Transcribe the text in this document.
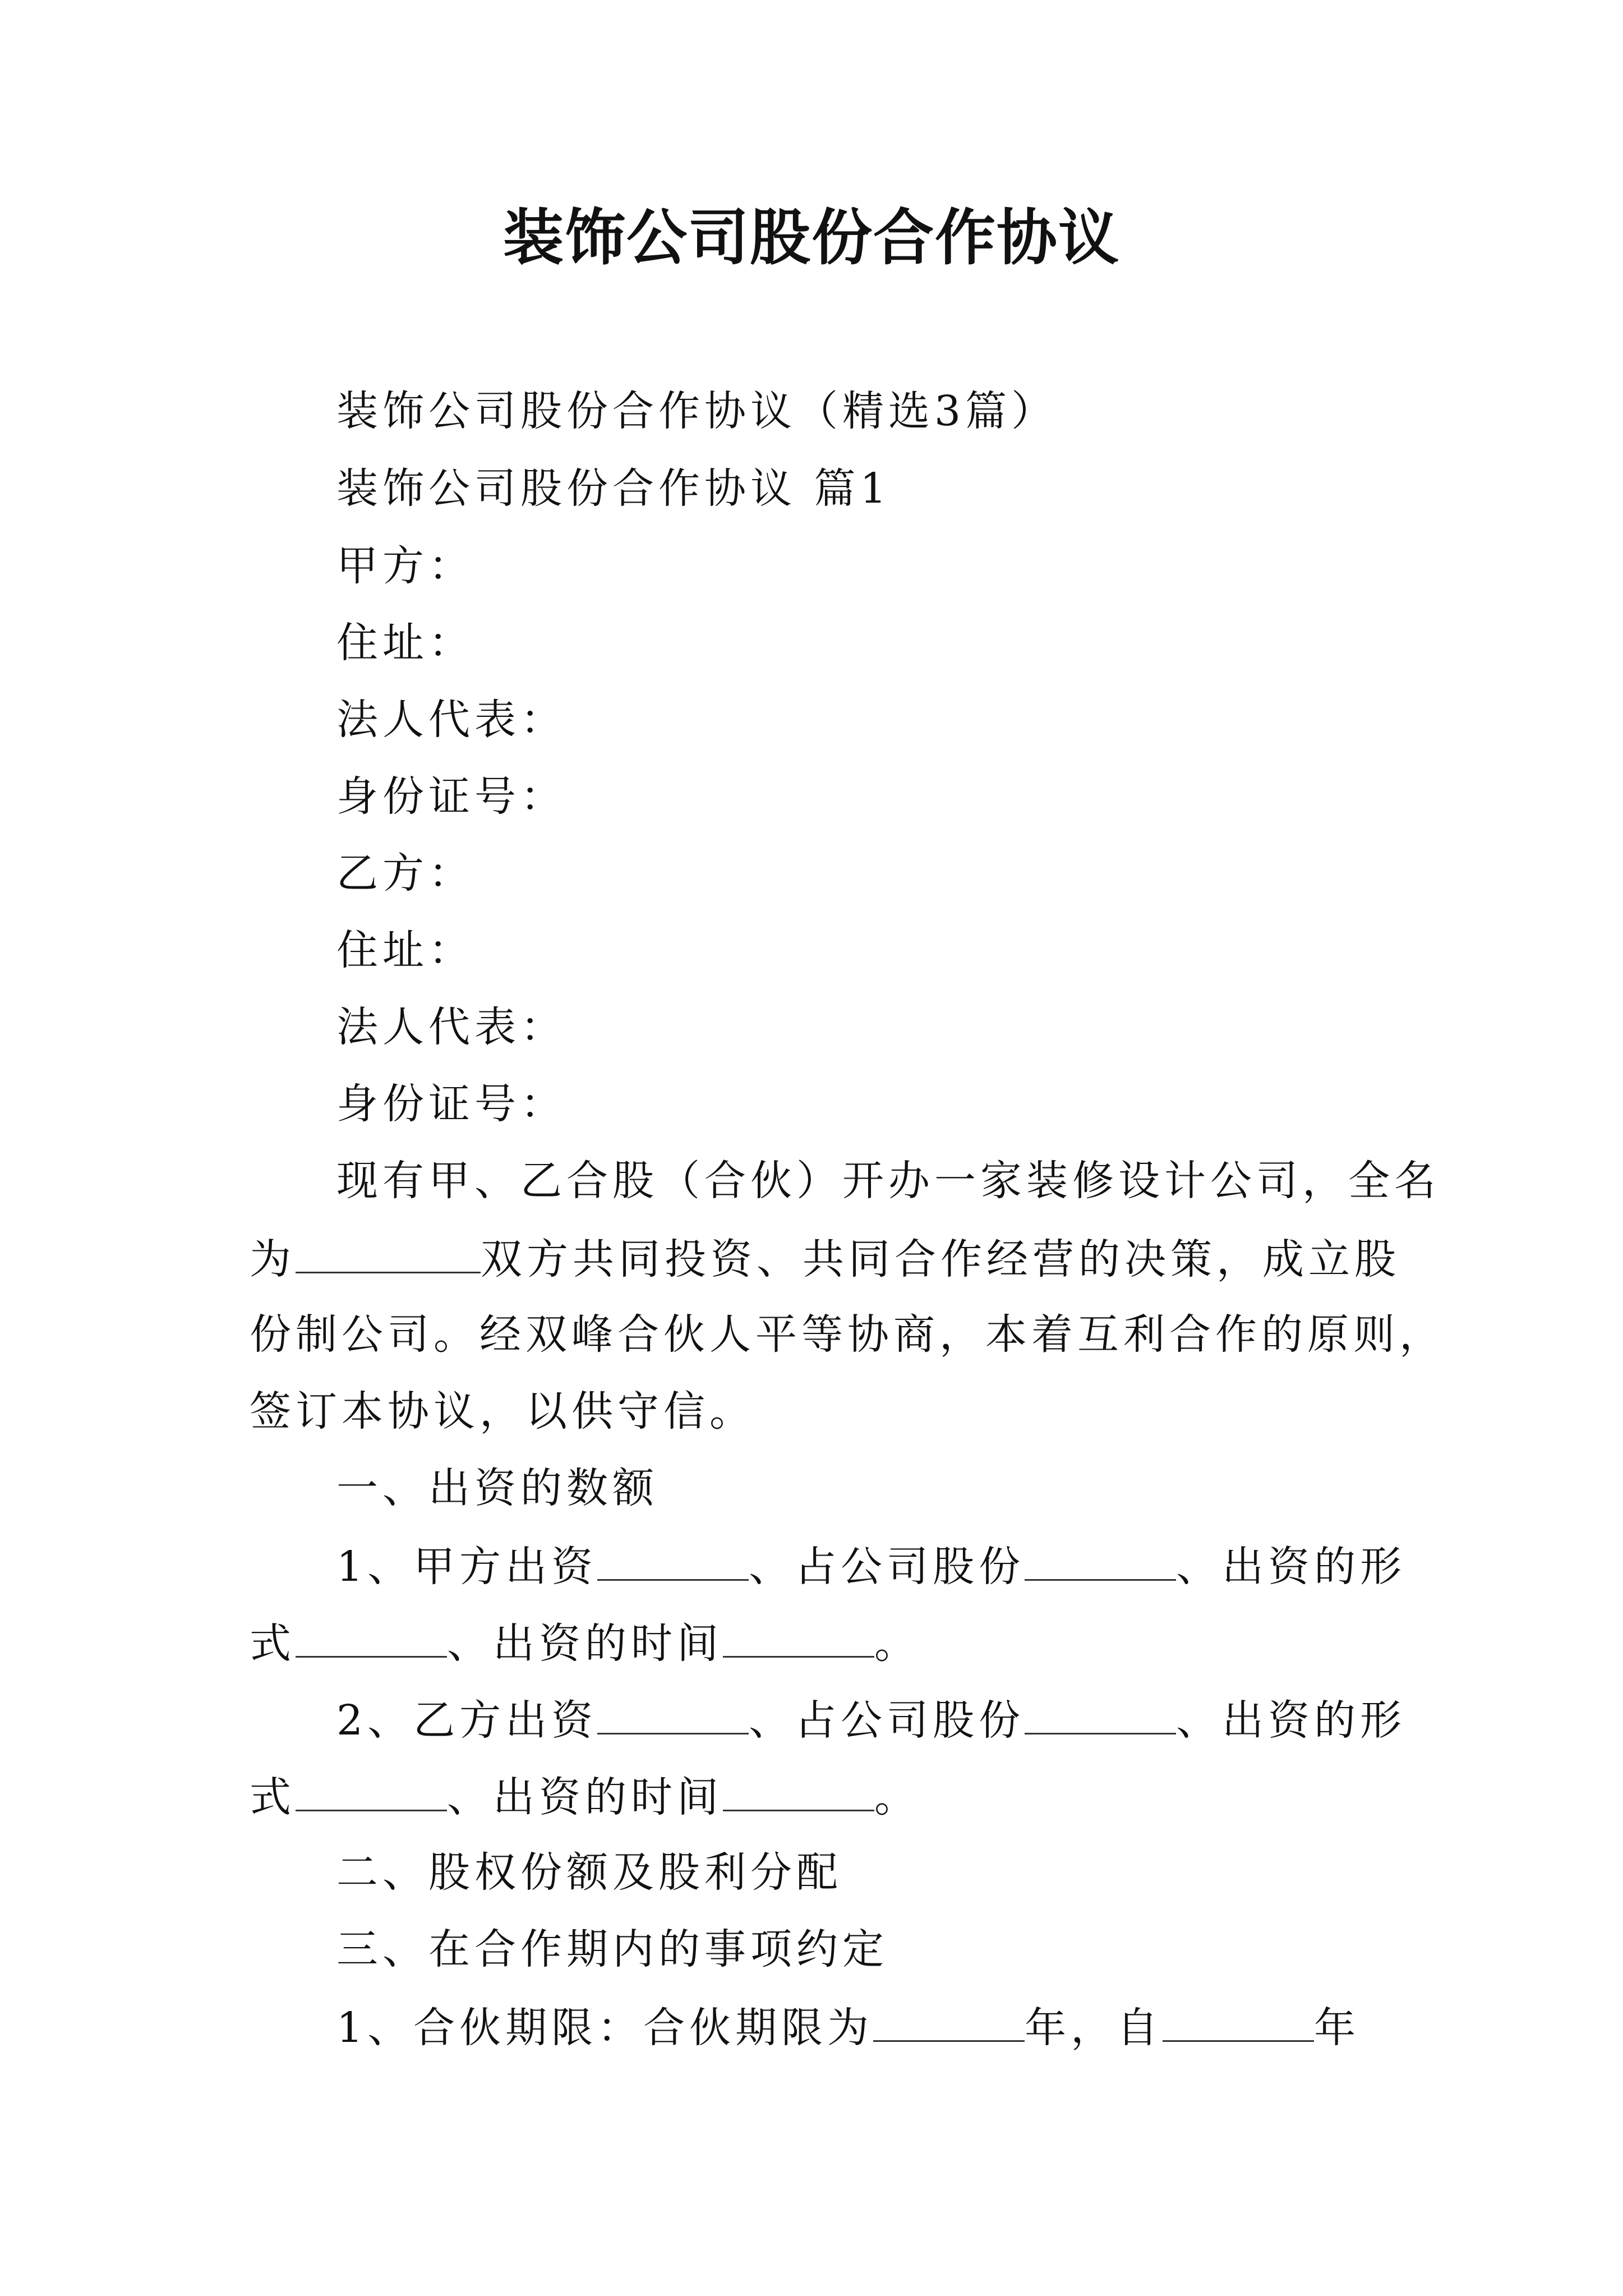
装饰公司股份合作协议

装饰公司股份合作协议（精选3篇）

装饰公司股份合作协议 篇1

甲方：

住址：

法人代表：

身份证号：

乙方：

住址：

法人代表：

身份证号：

现有甲、乙合股（合伙）开办一家装修设计公司，全名

为	双方共同投资、共同合作经营的决策，成立股

份制公司。经双峰合伙人平等协商，本着互利合作的原则，

签订本协议，以供守信。

一、出资的数额

1、甲方出资	、占公司股份	、出资的形

式	、出资的时间	。

2、乙方出资	、占公司股份	、出资的形

式	、出资的时间	。

二、股权份额及股利分配

三、在合作期内的事项约定

1、合伙期限：合伙期限为	年，自	年
